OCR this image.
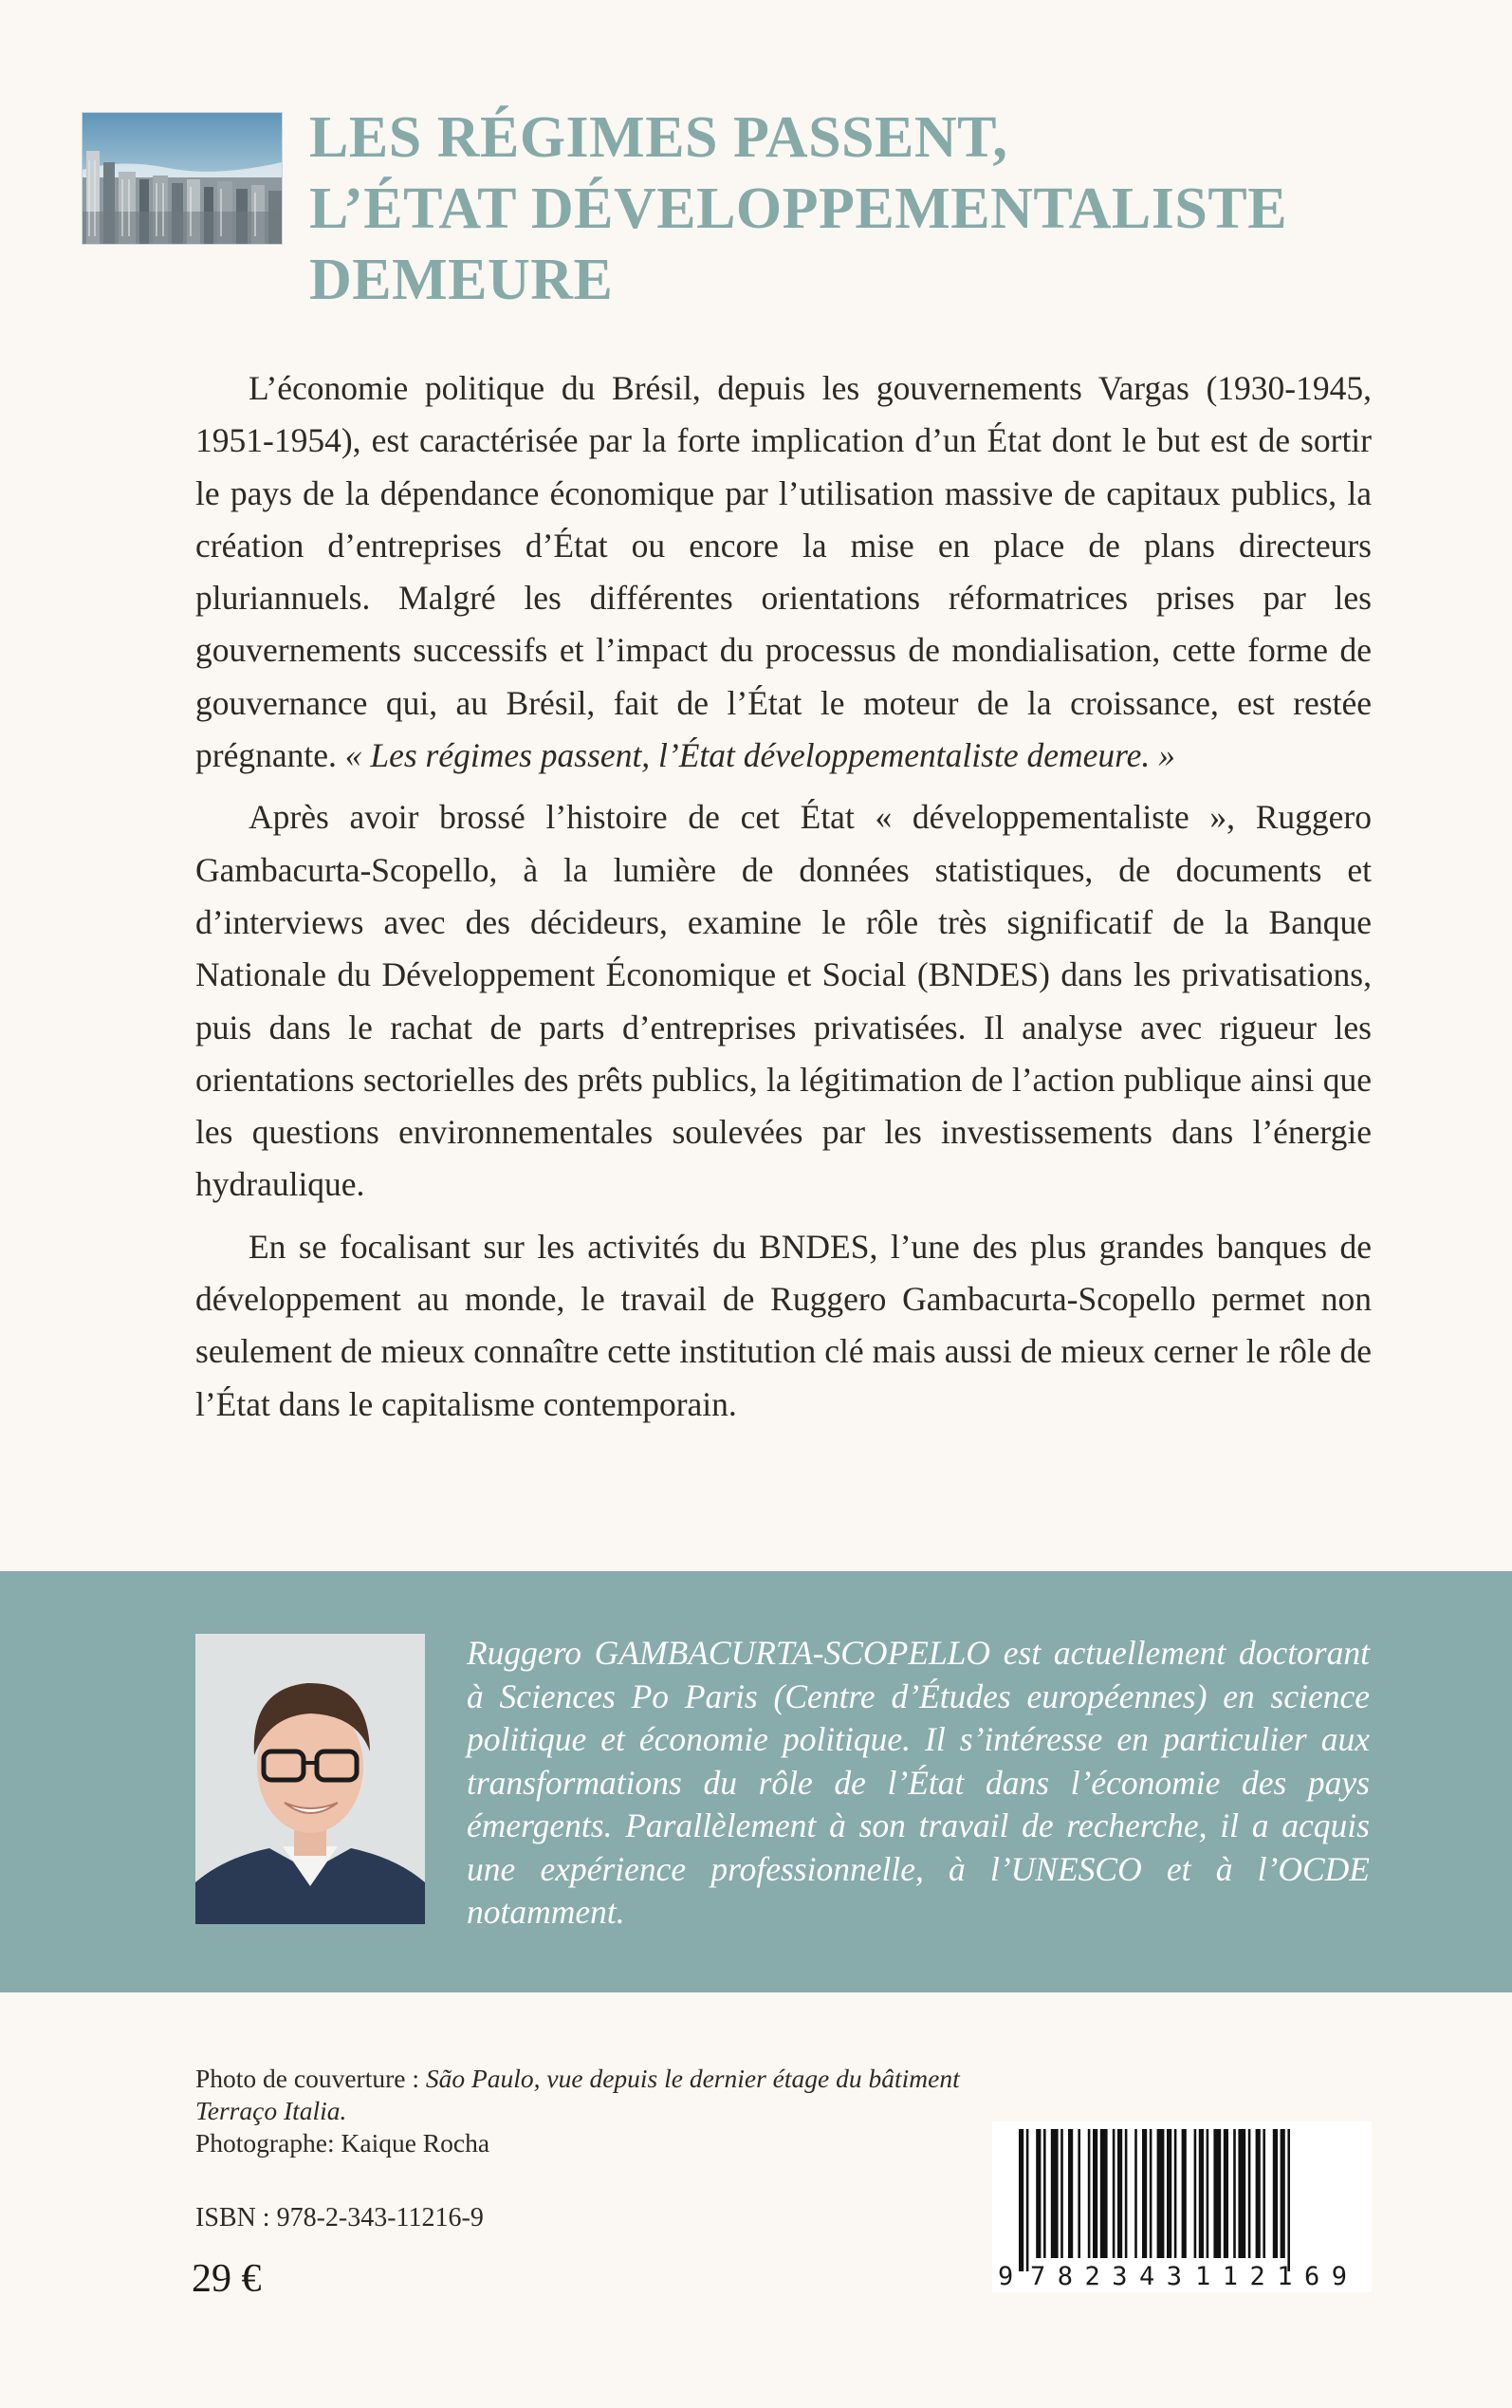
LES RÉGIMES PASSENT,
L’ÉTAT DÉVELOPPEMENTALISTE
DEMEURE

L’économie politique du Brésil, depuis les gouvernements Vargas (1930-1945, 1951-1954), est caractérisée par la forte implication d’un État dont le but est de sortir le pays de la dépendance économique par l’utilisation massive de capitaux publics, la création d’entreprises d’État ou encore la mise en place de plans directeurs pluriannuels. Malgré les différentes orientations réformatrices prises par les gouvernements successifs et l’impact du processus de mondialisation, cette forme de gouvernance qui, au Brésil, fait de l’État le moteur de la croissance, est restée prégnante. « Les régimes passent, l’État développementaliste demeure. »

Après avoir brossé l’histoire de cet État « développementaliste », Ruggero Gambacurta-Scopello, à la lumière de données statistiques, de documents et d’interviews avec des décideurs, examine le rôle très significatif de la Banque Nationale du Développement Économique et Social (BNDES) dans les privatisations, puis dans le rachat de parts d’entreprises privatisées. Il analyse avec rigueur les orientations sectorielles des prêts publics, la légitimation de l’action publique ainsi que les questions environnementales soulevées par les investissements dans l’énergie hydraulique.

En se focalisant sur les activités du BNDES, l’une des plus grandes banques de développement au monde, le travail de Ruggero Gambacurta-Scopello permet non seulement de mieux connaître cette institution clé mais aussi de mieux cerner le rôle de l’État dans le capitalisme contemporain.

Ruggero GAMBACURTA-SCOPELLO est actuellement doctorant à Sciences Po Paris (Centre d’Études européennes) en science politique et économie politique. Il s’intéresse en particulier aux transformations du rôle de l’État dans l’économie des pays émergents. Parallèlement à son travail de recherche, il a acquis une expérience professionnelle, à l’UNESCO et à l’OCDE notamment.

Photo de couverture : São Paulo, vue depuis le dernier étage du bâtiment Terraço Italia.
Photographe: Kaique Rocha
ISBN : 978-2-343-11216-9
29 €	9 782343 112169
